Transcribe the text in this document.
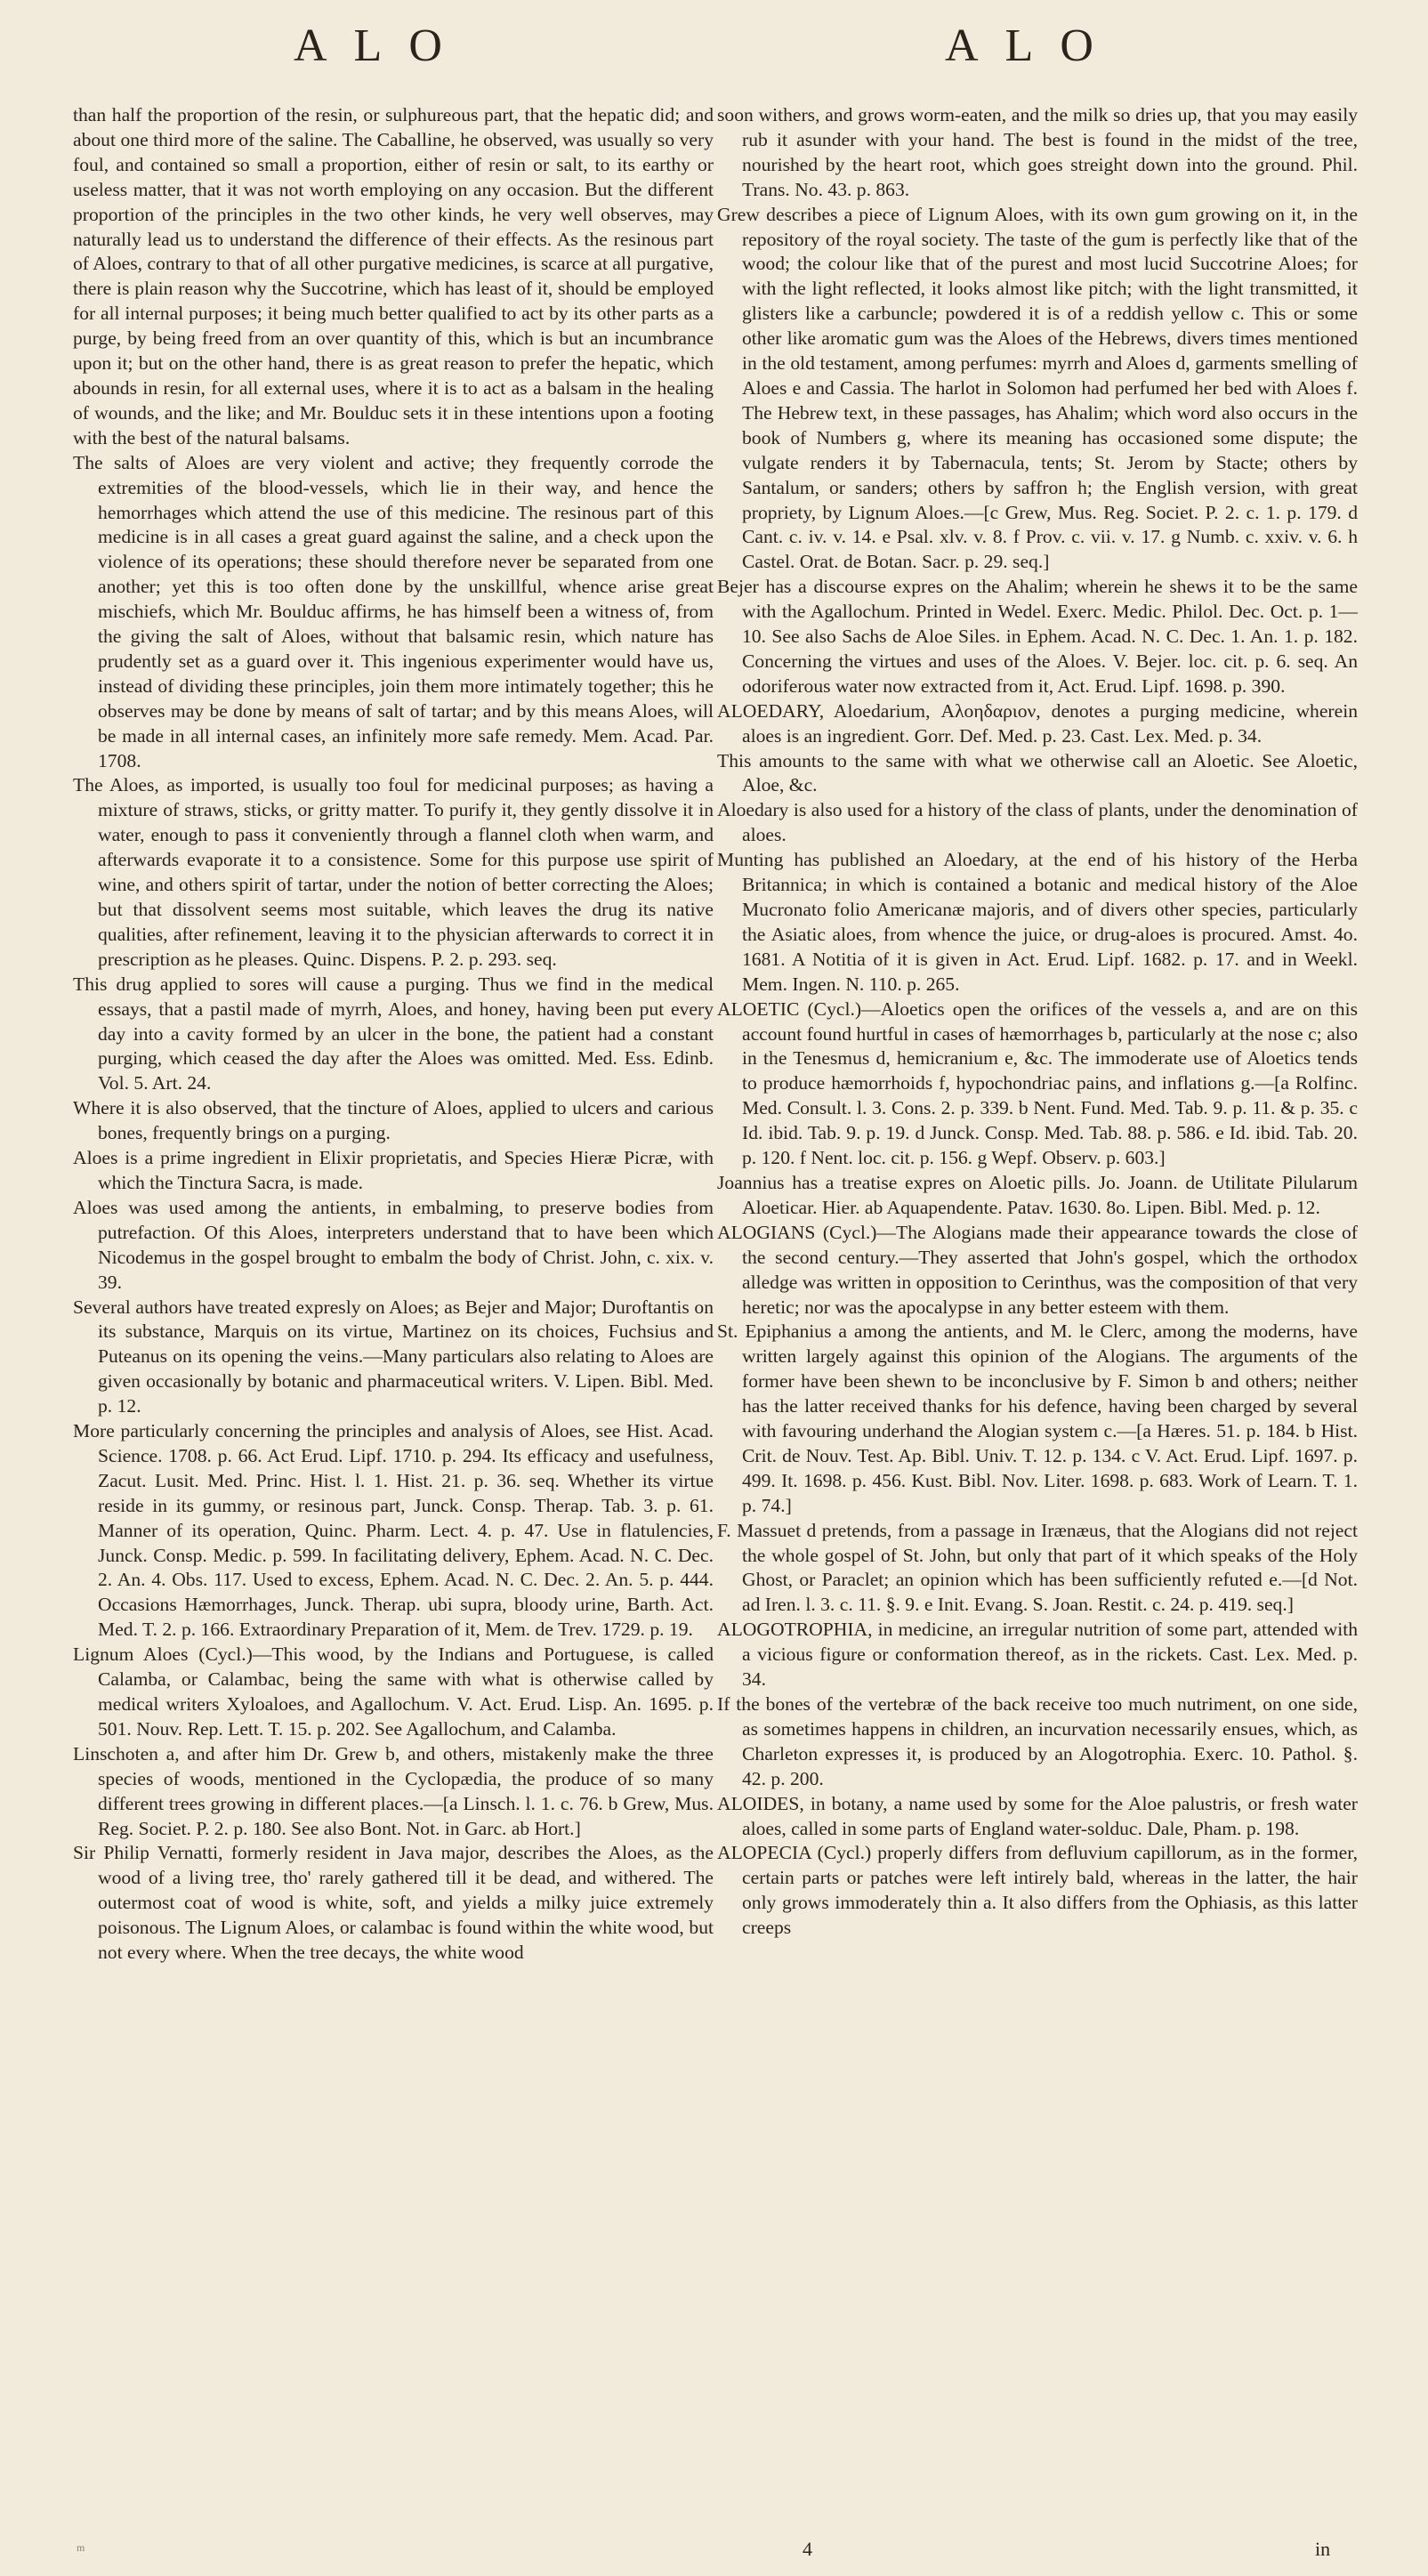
ALO	ALO

than half the proportion of the resin, or sulphureous part, that the hepatic did; and about one third more of the saline. The Caballine, he observed, was usually so very foul, and contained so small a proportion, either of resin or salt, to its earthy or useless matter, that it was not worth employing on any occasion. But the different proportion of the principles in the two other kinds, he very well observes, may naturally lead us to understand the difference of their effects. As the resinous part of Aloes, contrary to that of all other purgative medicines, is scarce at all purgative, there is plain reason why the Succotrine, which has least of it, should be employed for all internal purposes; it being much better qualified to act by its other parts as a purge, by being freed from an over quantity of this, which is but an incumbrance upon it; but on the other hand, there is as great reason to prefer the hepatic, which abounds in resin, for all external uses, where it is to act as a balsam in the healing of wounds, and the like; and Mr. Boulduc sets it in these intentions upon a footing with the best of the natural balsams.

The salts of Aloes are very violent and active; they frequently corrode the extremities of the blood-vessels, which lie in their way, and hence the hemorrhages which attend the use of this medicine. The resinous part of this medicine is in all cases a great guard against the saline, and a check upon the violence of its operations; these should therefore never be separated from one another; yet this is too often done by the unskillful, whence arise great mischiefs, which Mr. Boulduc affirms, he has himself been a witness of, from the giving the salt of Aloes, without that balsamic resin, which nature has prudently set as a guard over it. This ingenious experimenter would have us, instead of dividing these principles, join them more intimately together; this he observes may be done by means of salt of tartar; and by this means Aloes, will be made in all internal cases, an infinitely more safe remedy. Mem. Acad. Par. 1708.

The Aloes, as imported, is usually too foul for medicinal purposes; as having a mixture of straws, sticks, or gritty matter. To purify it, they gently dissolve it in water, enough to pass it conveniently through a flannel cloth when warm, and afterwards evaporate it to a consistence. Some for this purpose use spirit of wine, and others spirit of tartar, under the notion of better correcting the Aloes; but that dissolvent seems most suitable, which leaves the drug its native qualities, after refinement, leaving it to the physician afterwards to correct it in prescription as he pleases. Quinc. Dispens. P. 2. p. 293. seq.

This drug applied to sores will cause a purging. Thus we find in the medical essays, that a pastil made of myrrh, Aloes, and honey, having been put every day into a cavity formed by an ulcer in the bone, the patient had a constant purging, which ceased the day after the Aloes was omitted. Med. Ess. Edinb. Vol. 5. Art. 24.

Where it is also observed, that the tincture of Aloes, applied to ulcers and carious bones, frequently brings on a purging.

Aloes is a prime ingredient in Elixir proprietatis, and Species Hieræ Picræ, with which the Tinctura Sacra, is made.

Aloes was used among the antients, in embalming, to preserve bodies from putrefaction. Of this Aloes, interpreters understand that to have been which Nicodemus in the gospel brought to embalm the body of Christ. John, c. xix. v. 39.

Several authors have treated expresly on Aloes; as Bejer and Major; Duroftantis on its substance, Marquis on its virtue, Martinez on its choices, Fuchsius and Puteanus on its opening the veins.—Many particulars also relating to Aloes are given occasionally by botanic and pharmaceutical writers. V. Lipen. Bibl. Med. p. 12.

More particularly concerning the principles and analysis of Aloes, see Hist. Acad. Science. 1708. p. 66. Act Erud. Lipf. 1710. p. 294. Its efficacy and usefulness, Zacut. Lusit. Med. Princ. Hist. l. 1. Hist. 21. p. 36. seq. Whether its virtue reside in its gummy, or resinous part, Junck. Consp. Therap. Tab. 3. p. 61. Manner of its operation, Quinc. Pharm. Lect. 4. p. 47. Use in flatulencies, Junck. Consp. Medic. p. 599. In facilitating delivery, Ephem. Acad. N. C. Dec. 2. An. 4. Obs. 117. Used to excess, Ephem. Acad. N. C. Dec. 2. An. 5. p. 444. Occasions Hæmorrhages, Junck. Therap. ubi supra, bloody urine, Barth. Act. Med. T. 2. p. 166. Extraordinary Preparation of it, Mem. de Trev. 1729. p. 19.

Lignum Aloes (Cycl.)—This wood, by the Indians and Portuguese, is called Calamba, or Calambac, being the same with what is otherwise called by medical writers Xyloaloes, and Agallochum. V. Act. Erud. Lisp. An. 1695. p. 501. Nouv. Rep. Lett. T. 15. p. 202. See Agallochum, and Calamba.

Linschoten a, and after him Dr. Grew b, and others, mistakenly make the three species of woods, mentioned in the Cyclopædia, the produce of so many different trees growing in different places.—[a Linsch. l. 1. c. 76. b Grew, Mus. Reg. Societ. P. 2. p. 180. See also Bont. Not. in Garc. ab Hort.]

Sir Philip Vernatti, formerly resident in Java major, describes the Aloes, as the wood of a living tree, tho' rarely gathered till it be dead, and withered. The outermost coat of wood is white, soft, and yields a milky juice extremely poisonous. The Lignum Aloes, or calambac is found within the white wood, but not every where. When the tree decays, the white wood

soon withers, and grows worm-eaten, and the milk so dries up, that you may easily rub it asunder with your hand. The best is found in the midst of the tree, nourished by the heart root, which goes streight down into the ground. Phil. Trans. No. 43. p. 863.

Grew describes a piece of Lignum Aloes, with its own gum growing on it, in the repository of the royal society. The taste of the gum is perfectly like that of the wood; the colour like that of the purest and most lucid Succotrine Aloes; for with the light reflected, it looks almost like pitch; with the light transmitted, it glisters like a carbuncle; powdered it is of a reddish yellow c. This or some other like aromatic gum was the Aloes of the Hebrews, divers times mentioned in the old testament, among perfumes: myrrh and Aloes d, garments smelling of Aloes e and Cassia. The harlot in Solomon had perfumed her bed with Aloes f. The Hebrew text, in these passages, has Ahalim; which word also occurs in the book of Numbers g, where its meaning has occasioned some dispute; the vulgate renders it by Tabernacula, tents; St. Jerom by Stacte; others by Santalum, or sanders; others by saffron h; the English version, with great propriety, by Lignum Aloes.—[c Grew, Mus. Reg. Societ. P. 2. c. 1. p. 179. d Cant. c. iv. v. 14. e Psal. xlv. v. 8. f Prov. c. vii. v. 17. g Numb. c. xxiv. v. 6. h Castel. Orat. de Botan. Sacr. p. 29. seq.]

Bejer has a discourse expres on the Ahalim; wherein he shews it to be the same with the Agallochum. Printed in Wedel. Exerc. Medic. Philol. Dec. Oct. p. 1—10. See also Sachs de Aloe Siles. in Ephem. Acad. N. C. Dec. 1. An. 1. p. 182. Concerning the virtues and uses of the Aloes. V. Bejer. loc. cit. p. 6. seq. An odoriferous water now extracted from it, Act. Erud. Lipf. 1698. p. 390.

ALOEDARY, Aloedarium, Αλοηδαριον, denotes a purging medicine, wherein aloes is an ingredient. Gorr. Def. Med. p. 23. Cast. Lex. Med. p. 34.

This amounts to the same with what we otherwise call an Aloetic. See Aloetic, Aloe, &c.

Aloedary is also used for a history of the class of plants, under the denomination of aloes.

Munting has published an Aloedary, at the end of his history of the Herba Britannica; in which is contained a botanic and medical history of the Aloe Mucronato folio Americanæ majoris, and of divers other species, particularly the Asiatic aloes, from whence the juice, or drug-aloes is procured. Amst. 4o. 1681. A Notitia of it is given in Act. Erud. Lipf. 1682. p. 17. and in Weekl. Mem. Ingen. N. 110. p. 265.

ALOETIC (Cycl.)—Aloetics open the orifices of the vessels a, and are on this account found hurtful in cases of hæmorrhages b, particularly at the nose c; also in the Tenesmus d, hemicranium e, &c. The immoderate use of Aloetics tends to produce hæmorrhoids f, hypochondriac pains, and inflations g.—[a Rolfinc. Med. Consult. l. 3. Cons. 2. p. 339. b Nent. Fund. Med. Tab. 9. p. 11. & p. 35. c Id. ibid. Tab. 9. p. 19. d Junck. Consp. Med. Tab. 88. p. 586. e Id. ibid. Tab. 20. p. 120. f Nent. loc. cit. p. 156. g Wepf. Observ. p. 603.]

Joannius has a treatise expres on Aloetic pills. Jo. Joann. de Utilitate Pilularum Aloeticar. Hier. ab Aquapendente. Patav. 1630. 8o. Lipen. Bibl. Med. p. 12.

ALOGIANS (Cycl.)—The Alogians made their appearance towards the close of the second century.—They asserted that John's gospel, which the orthodox alledge was written in opposition to Cerinthus, was the composition of that very heretic; nor was the apocalypse in any better esteem with them.

St. Epiphanius a among the antients, and M. le Clerc, among the moderns, have written largely against this opinion of the Alogians. The arguments of the former have been shewn to be inconclusive by F. Simon b and others; neither has the latter received thanks for his defence, having been charged by several with favouring underhand the Alogian system c.—[a Hæres. 51. p. 184. b Hist. Crit. de Nouv. Test. Ap. Bibl. Univ. T. 12. p. 134. c V. Act. Erud. Lipf. 1697. p. 499. It. 1698. p. 456. Kust. Bibl. Nov. Liter. 1698. p. 683. Work of Learn. T. 1. p. 74.]

F. Massuet d pretends, from a passage in Irænæus, that the Alogians did not reject the whole gospel of St. John, but only that part of it which speaks of the Holy Ghost, or Paraclet; an opinion which has been sufficiently refuted e.—[d Not. ad Iren. l. 3. c. 11. §. 9. e Init. Evang. S. Joan. Restit. c. 24. p. 419. seq.]

ALOGOTROPHIA, in medicine, an irregular nutrition of some part, attended with a vicious figure or conformation thereof, as in the rickets. Cast. Lex. Med. p. 34.

If the bones of the vertebræ of the back receive too much nutriment, on one side, as sometimes happens in children, an incurvation necessarily ensues, which, as Charleton expresses it, is produced by an Alogotrophia. Exerc. 10. Pathol. §. 42. p. 200.

ALOIDES, in botany, a name used by some for the Aloe palustris, or fresh water aloes, called in some parts of England water-solduc. Dale, Pham. p. 198.

ALOPECIA (Cycl.) properly differs from defluvium capillorum, as in the former, certain parts or patches were left intirely bald, whereas in the latter, the hair only grows immoderately thin a. It also differs from the Ophiasis, as this latter creeps

m	4	in
